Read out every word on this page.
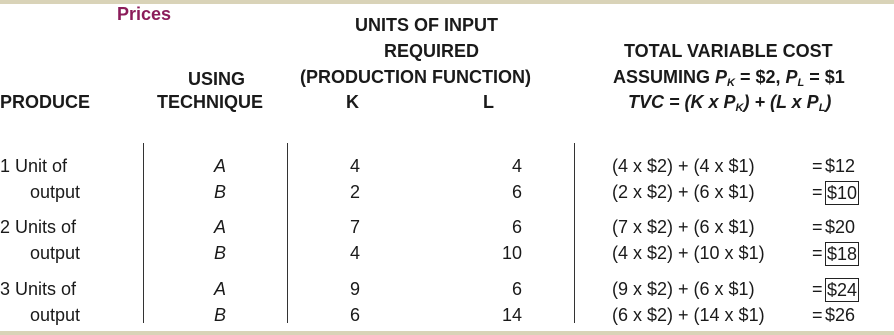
Prices
PRODUCE
USING
TECHNIQUE
UNITS OF INPUT
REQUIRED
(PRODUCTION FUNCTION)
K	L
TOTAL VARIABLE COST
ASSUMING $P_K$ = $2, $P_L$ = $1
TVC = (K x $P_K) + (L$ x $P_L$)
1 Unit of	A	4	4	(4 x $2) + (4 x $1)	= $12
output	B	2	6	(2 x $2) + (6 x $1)	= $10
2 Units of	A	7	6	(7 x $2) + (6 x $1)	= $20
output	B	4	10	(4 x $2) + (10 x $1)	= $18
3 Units of	A	9	6	(9 x $2) + (6 x $1)	= $24
output	B	6	14	(6 x $2) + (14 x $1)	= $26
